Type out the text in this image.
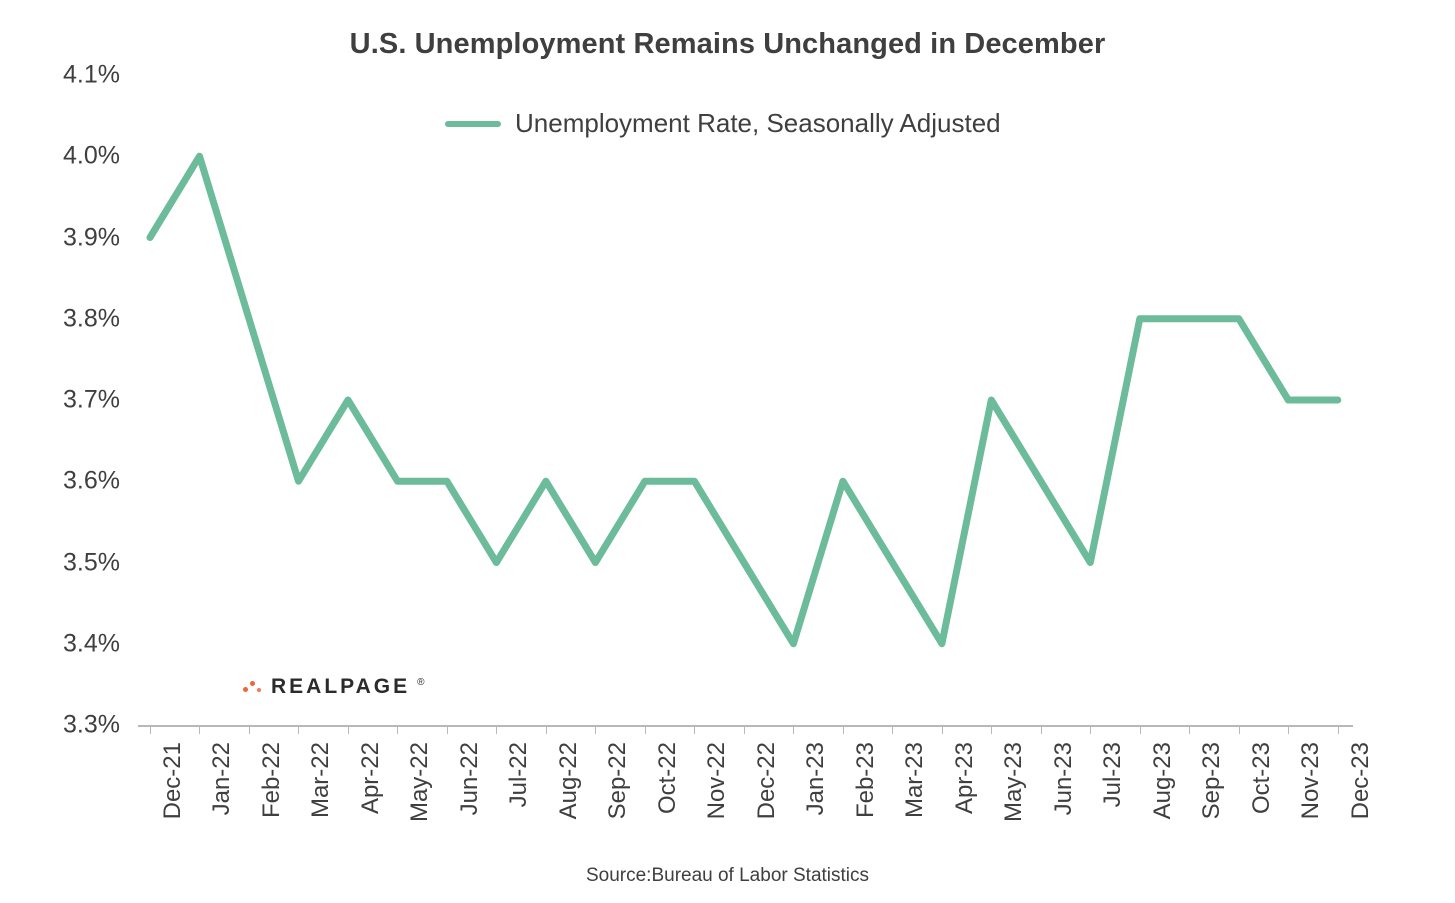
U.S. Unemployment Remains Unchanged in December
Unemployment Rate, Seasonally Adjusted
4.1%
4.0%
3.9%
3.8%
3.7%
3.6%
3.5%
3.4%
3.3%
Dec-21 Jan-22 Feb-22 Mar-22 Apr-22 May-22 Jun-22 Jul-22 Aug-22 Sep-22 Oct-22 Nov-22 Dec-22 Jan-23 Feb-23 Mar-23 Apr-23 May-23 Jun-23 Jul-23 Aug-23 Sep-23 Oct-23 Nov-23 Dec-23
REALPAGE ®
Source:Bureau of Labor Statistics
